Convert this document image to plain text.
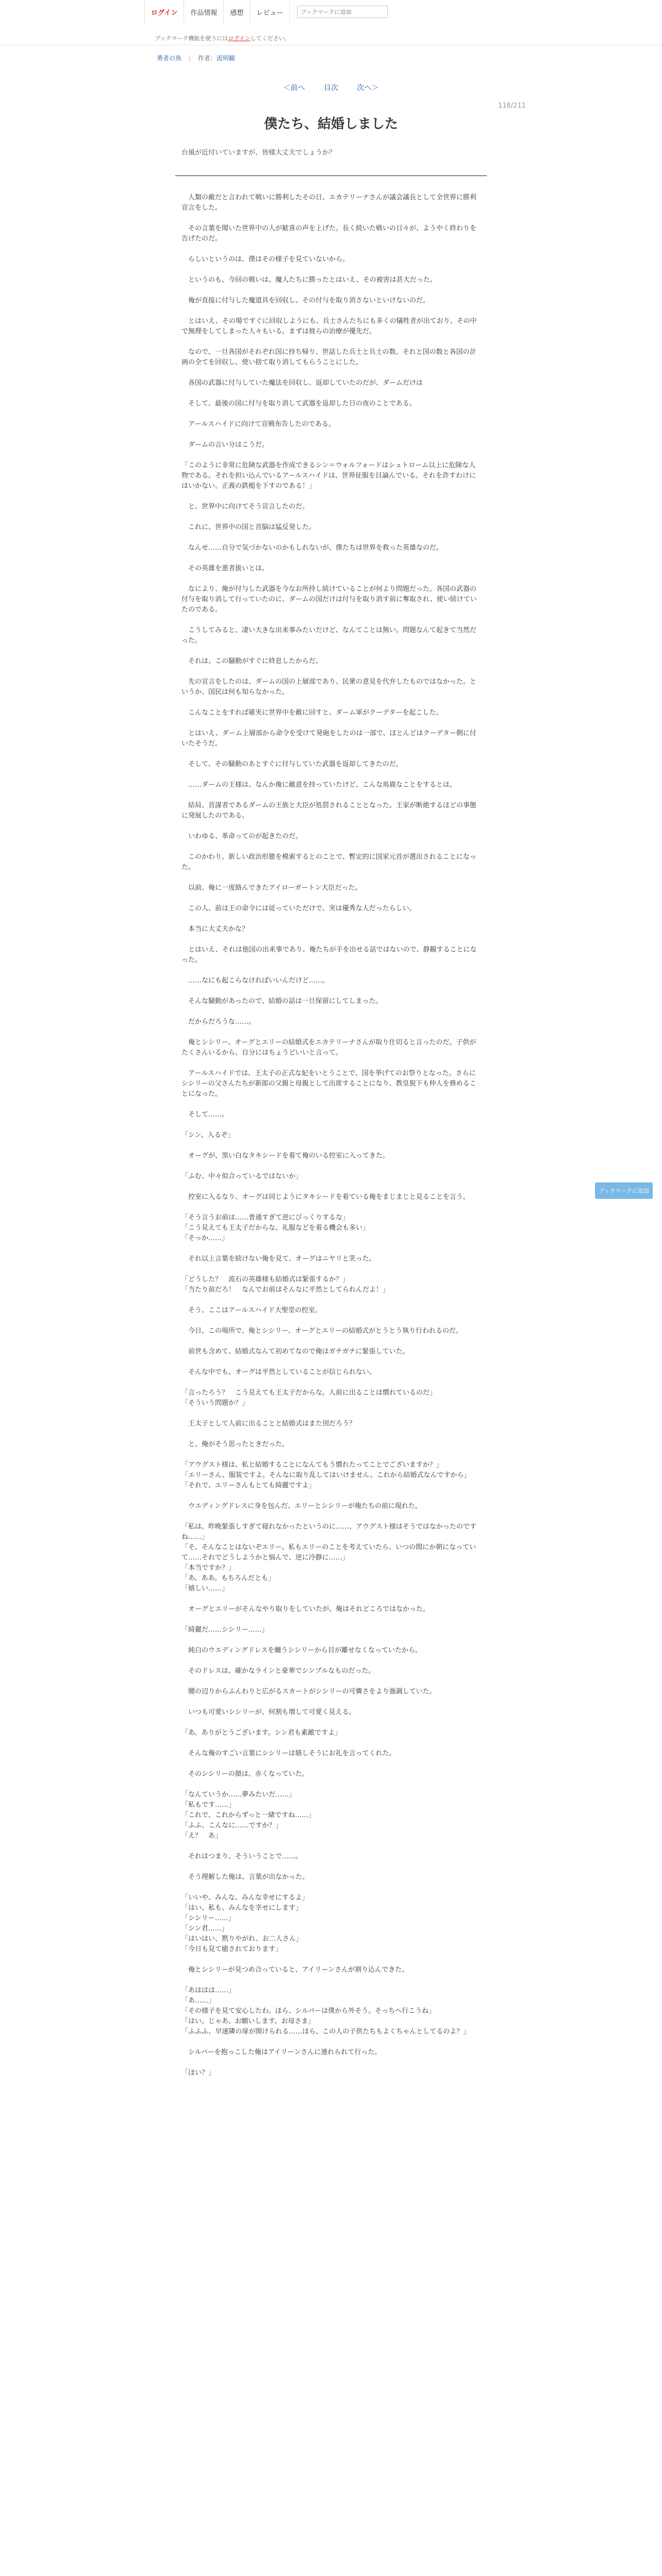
ログイン	作品情報	感想	レビュー
ブックマークに追加
ブックマーク機能を使うにはログインしてください。
勇者の魚 | 作者：流明観
＜前へ	目次	次へ＞
118/211
僕たち、結婚しました
台風が近付いていますが、皆様大丈夫でしょうか？

　人類の敵だと言われて戦いに勝利したその日、エカテリーナさんが議会議長として全世界に勝利宣言をした。

　その言葉を聞いた世界中の人が歓喜の声を上げた。長く続いた戦いの日々が、ようやく終わりを告げたのだ。

　らしいというのは、僕はその様子を見ていないから。

　というのも、今回の戦いは、魔人たちに勝ったとはいえ、その被害は甚大だった。

　俺が直接に付与した魔道具を回収し、その付与を取り消さないといけないのだ。

　とはいえ、その場ですぐに回収しようにも、兵士さんたちにも多くの犠牲者が出ており、その中で無理をしてしまった人々もいる。まずは彼らの治療が優先だ。

　なので、一旦各国がそれぞれ国に持ち帰り、世話した兵士と兵士の数、それと国の数と各国の計画の全てを回収し、使い捨て取り消してもらうことにした。

　各国の武器に付与していた魔法を回収し、返却していたのだが、ダームだけは

　そして、最後の国に付与を取り消して武器を返却した日の夜のことである。

　アールスハイドに向けて宣戦布告したのである。

　ダームの言い分はこうだ。

「このように非常に危険な武器を作成できるシン＝ウォルフォードはシュトローム以上に危険な人物である。それを担い込んでいるアールスハイドは、世界征服を目論んでいる。それを許すわけにはいかない。正義の鉄槌を下すのである！」

　と、世界中に向けてそう宣言したのだ。

　これに、世界中の国と首脳は猛反発した。

　なんせ……自分で気づかないのかもしれないが、僕たちは世界を救った英雄なのだ。

　その英雄を悪者扱いとは。

　なにより、俺が付与した武器を今なお所持し続けていることが何より問題だった。各国の武器の付与を取り消して行っていたのに、ダームの国だけは付与を取り消す前に奪取され、使い続けていたのである。

　こうしてみると、凄い大きな出来事みたいだけど、なんてことは無い。問題なんて起きて当然だった。

　それは、この騒動がすぐに終息したからだ。

　先の宣言をしたのは、ダームの国の上層部であり、民衆の意見を代弁したものではなかった。というか、国民は何も知らなかった。

　こんなことをすれば確実に世界中を敵に回すと、ダーム軍がクーデターを起こした。

　とはいえ、ダーム上層部から命令を受けて発砲をしたのは一部で、ほとんどはクーデター側に付いたそうだ。

　そして、その騒動のあとすぐに付与していた武器を返却してきたのだ。

　……ダームの王様は、なんか俺に敵意を持っていたけど、こんな馬鹿なことをするとは。

　結局、首謀者であるダームの王族と大臣が処罰されることとなった。王家が断絶するほどの事態に発展したのである。

　いわゆる、革命ってのが起きたのだ。

　このかわり、新しい政治形態を模索するとのことで、暫定的に国家元首が選出されることになった。

　以前、俺に一度絡んできたアイローガートン大臣だった。

　この人、前は王の命令には従っていただけで、実は優秀な人だったらしい。

　本当に大丈夫かな？

　とはいえ、それは他国の出来事であり、俺たちが手を出せる話ではないので、静観することになった。

　……なにも起こらなければいいんだけど……。

　そんな騒動があったので、結婚の話は一旦保留にしてしまった。

　だからだろうな……。

　俺とシシリー、オーグとエリーの結婚式をエカテリーナさんが取り仕切ると言ったのだ。子供がたくさんいるから、自分にはちょうどいいと言って。

　アールスハイドでは、王太子の正式な妃をいとうことで、国を挙げてのお祭りとなった。さらにシシリーの父さんたちが新郎の父親と母親として出席することになり、教皇猊下も仲人を務めることになった。

　そして……。

「シン、入るぞ」

　オーグが、黒い白なタキシードを着て俺のいる控室に入ってきた。

「ふむ、中々似合っているではないか」

　控室に入るなり、オーグは同じようにタキシードを着ている俺をまじまじと見ることを言う。

「そう言うお前は……普通すぎて逆にびっくりするな」
「こう見えても王太子だからな。礼服などを着る機会も多い」
「そっか……」

　それ以上言葉を続けない俺を見て、オーグはニヤリと笑った。

「どうした？　流石の英雄様も結婚式は緊張するか？」
「当たり前だろ！　なんでお前はそんなに平然としてられんだよ！」

　そう、ここはアールスハイド大聖堂の控室。

　今日、この場所で、俺とシシリー、オーグとエリーの結婚式がとうとう執り行われるのだ。

　前世も含めて、結婚式なんて初めてなので俺はガチガチに緊張していた。

　そんな中でも、オーグは平然としていることが信じられない。

「言ったろう？　こう見えても王太子だからな。人前に出ることは慣れているのだ」
「そういう問題か？」

　王太子として人前に出ることと結婚式はまた別だろう？

　と、俺がそう思ったときだった。

「アウグスト様は、私と結婚することになんてもう慣れたってことでございますか？」
「エリーさん、服装ですよ。そんなに取り乱してはいけません。これから結婚式なんですから」
「それで、エリーさんもとても綺麗ですよ」

　ウエディングドレスに身を包んだ、エリーとシシリーが俺たちの前に現れた。

「私は、昨晩緊張しすぎて寝れなかったというのに……、アウグスト様はそうではなかったのですね……」
「そ、そんなことはないぞエリー。私もエリーのことを考えていたら、いつの間にか朝になっていて……それでどうしようかと悩んで、逆に冷静に……」
「本当ですか？」
「あ、ああ。もちろんだとも」
「嬉しい……」

　オーグとエリーがそんなやり取りをしていたが、俺はそれどころではなかった。

「綺麗だ……シシリー……」

　純白のウエディングドレスを纏うシシリーから目が離せなくなっていたから。

　そのドレスは、確かなラインと豪華でシンプルなものだった。

　腰の辺りからふんわりと広がるスカートがシシリーの可憐さをより強調していた。

　いつも可愛いシシリーが、何割も増して可愛く見える。

「あ、ありがとうございます。シン君も素敵ですよ」

　そんな俺のすごい言葉にシシリーは嬉しそうにお礼を言ってくれた。

　そのシシリーの顔は、赤くなっていた。

「なんていうか……夢みたいだ……」
「私もです……」
「これで、これからずっと一緒ですね……」
「ふふ、こんなに……ですか？」
「え？　あ」

　それはつまり、そういうことで……。

　そう理解した俺は、言葉が出なかった。

「いいや、みんな、みんな幸せにするよ」
「はい、私も、みんなを幸せにします」
「シシリー……」
「シン君……」
「はいはい、黙りやがれ、お二人さん」
「今日も見て癒されております」

　俺とシシリーが見つめ合っていると、アイリーンさんが割り込んできた。

「あははは……」
「あ……」
「その様子を見て安心したわ。ほら、シルバーは僕から外そう。そっちへ行こうね」
「はい。じゃあ、お願いします。お母さま」
「ふふふ、早速隣の扉が開けられる……ほら、この人の子供たちもよくちゃんとしてるのよ？」

　シルバーを抱っこした俺はアイリーンさんに連れられて行った。

「ほい？」

ブックマークに追加
